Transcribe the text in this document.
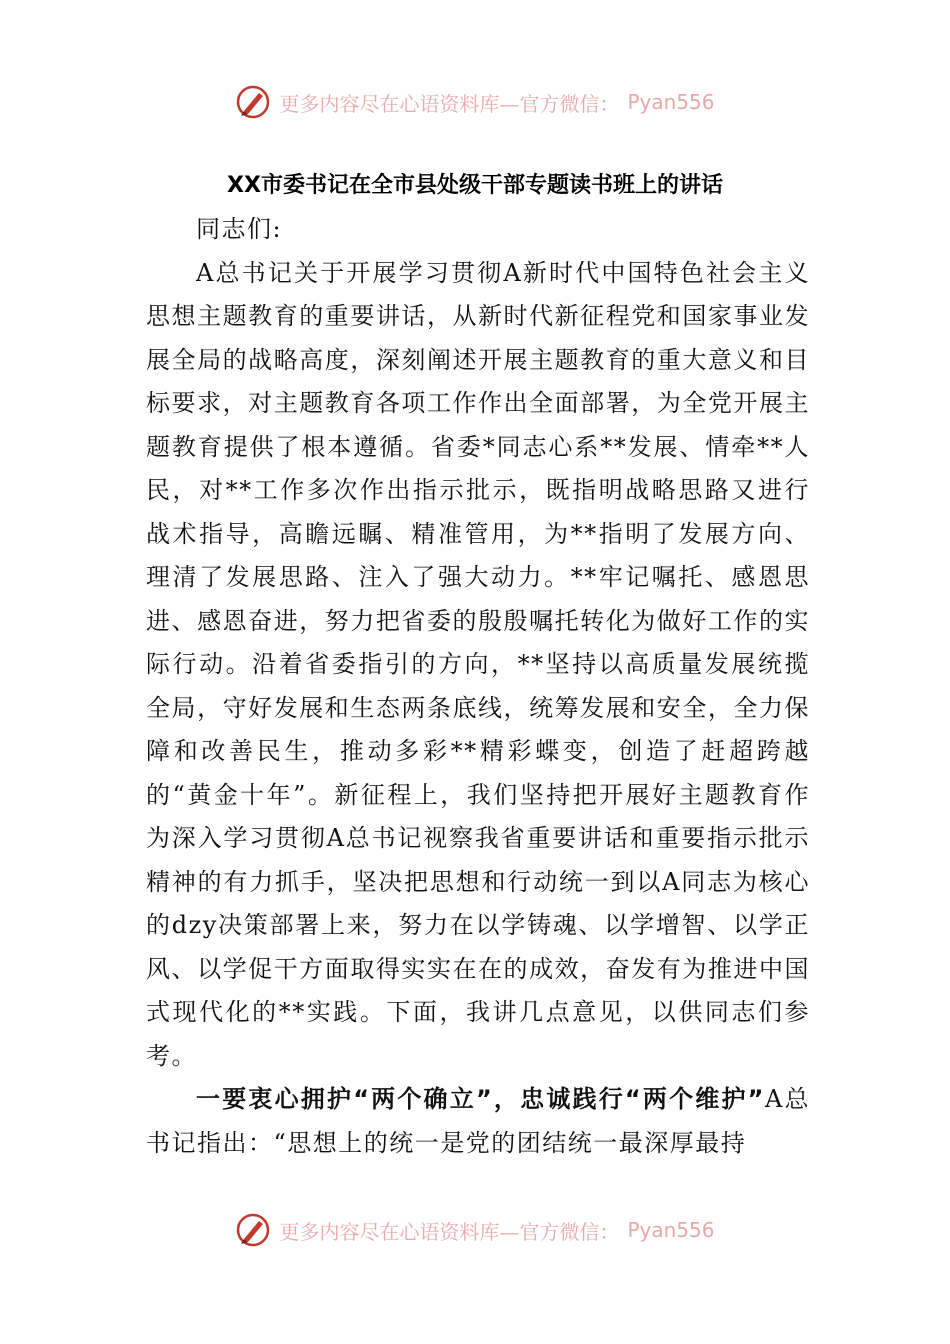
更多内容尽在心语资料库—官方微信： Pyan556
XX市委书记在全市县处级干部专题读书班上的讲话

同志们:

A总书记关于开展学习贯彻A新时代中国特色社会主义思想主题教育的重要讲话，从新时代新征程党和国家事业发展全局的战略高度，深刻阐述开展主题教育的重大意义和目标要求，对主题教育各项工作作出全面部署，为全党开展主题教育提供了根本遵循。省委*同志心系**发展、情牵**人民，对**工作多次作出指示批示，既指明战略思路又进行战术指导，高瞻远瞩、精准管用，为**指明了发展方向、理清了发展思路、注入了强大动力。**牢记嘱托、感恩思进、感恩奋进，努力把省委的殷殷嘱托转化为做好工作的实际行动。沿着省委指引的方向，**坚持以高质量发展统揽全局，守好发展和生态两条底线，统筹发展和安全，全力保障和改善民生，推动多彩**精彩蝶变，创造了赶超跨越的“黄金十年”。新征程上，我们坚持把开展好主题教育作为深入学习贯彻A总书记视察我省重要讲话和重要指示批示精神的有力抓手，坚决把思想和行动统一到以A同志为核心的dzy决策部署上来，努力在以学铸魂、以学增智、以学正风、以学促干方面取得实实在在的成效，奋发有为推进中国式现代化的**实践。下面，我讲几点意见，以供同志们参考。

一要衷心拥护“两个确立”，忠诚践行“两个维护”A总书记指出：“思想上的统一是党的团结统一最深厚最持

更多内容尽在心语资料库—官方微信： Pyan556
